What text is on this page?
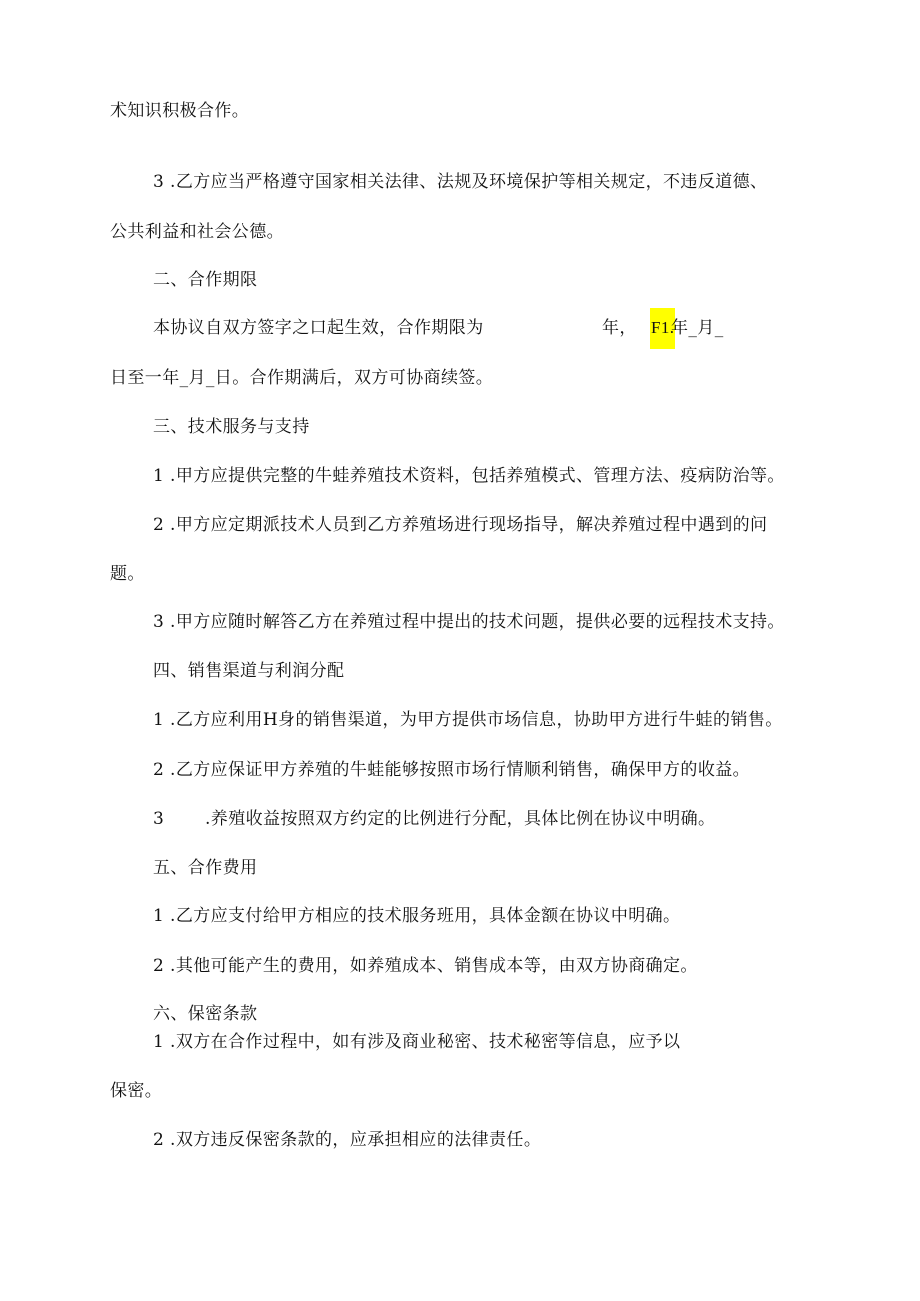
术知识积极合作。
3 .乙方应当严格遵守国家相关法律、法规及环境保护等相关规定，不违反道德、
公共利益和社会公德。
二、合作期限
本协议自双方签字之口起生效，合作期限为	年， F1.
年_月_
日至一年_月_日。合作期满后，双方可协商续签。
三、技术服务与支持
1 .甲方应提供完整的牛蛙养殖技术资料，包括养殖模式、管理方法、疫病防治等。
2 .甲方应定期派技术人员到乙方养殖场进行现场指导，解决养殖过程中遇到的问
题。
3 .甲方应随时解答乙方在养殖过程中提出的技术问题，提供必要的远程技术支持。
四、销售渠道与利润分配
1 .乙方应利用H身的销售渠道，为甲方提供市场信息，协助甲方进行牛蛙的销售。
2 .乙方应保证甲方养殖的牛蛙能够按照市场行情顺利销售，确保甲方的收益。
3 .养殖收益按照双方约定的比例进行分配，具体比例在协议中明确。
五、合作费用
1 .乙方应支付给甲方相应的技术服务班用，具体金额在协议中明确。
2 .其他可能产生的费用，如养殖成本、销售成本等，由双方协商确定。
六、保密条款
1 .双方在合作过程中，如有涉及商业秘密、技术秘密等信息，应予以
保密。
2 .双方违反保密条款的，应承担相应的法律责任。
